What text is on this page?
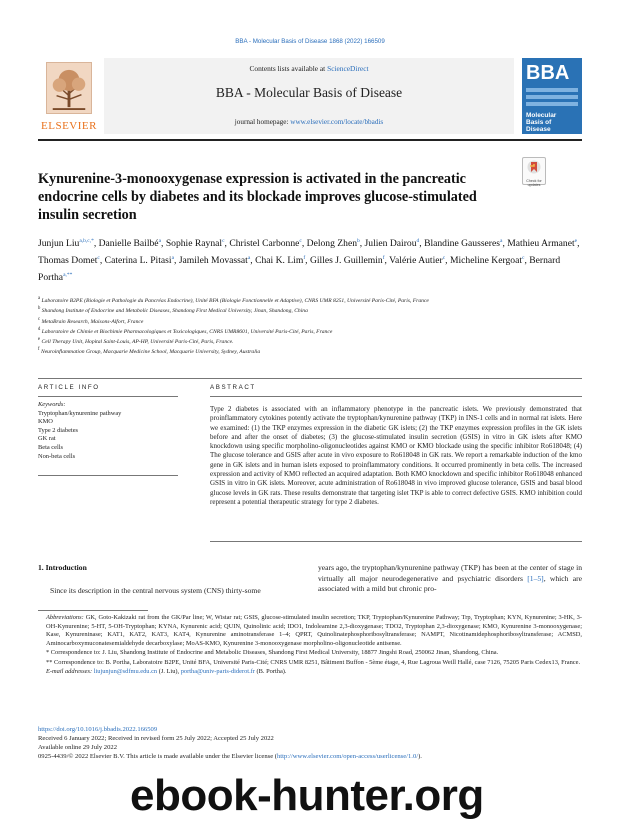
BBA - Molecular Basis of Disease 1868 (2022) 166509
ELSEVIER
Contents lists available at ScienceDirect
BBA - Molecular Basis of Disease
journal homepage: www.elsevier.com/locate/bbadis
BBA
Molecular
Basis of
Disease
Kynurenine-3-monooxygenase expression is activated in the pancreatic endocrine cells by diabetes and its blockade improves glucose-stimulated insulin secretion
Check for
updates
Junjun Liu$^{a,b,c,*}$, Danielle Bailbé$^a$, Sophie Raynal$^c$, Christel Carbonne$^c$, Delong Zhen$^b$, Julien Dairou$^d$, Blandine Gausseres$^a$, Mathieu Armanet$^e$, Thomas Domet$^c$, Caterina L. Pitasi$^a$, Jamileh Movassat$^a$, Chai K. Lim$^f$, Gilles J. Guillemin$^f$, Valérie Autier$^c$, Micheline Kergoat$^c$, Bernard Portha$^{a,**}$
$^a$ Laboratoire B2PE (Biologie et Pathologie du Pancréas Endocrine), Unité BFA (Biologie Fonctionnelle et Adaptive), CNRS UMR 8251, Université Paris-Cité, Paris, France
$^b$ Shandong Institute of Endocrine and Metabolic Diseases, Shandong First Medical University, Jinan, Shandong, China
$^c$ MetaBrain Research, Maisons-Alfort, France
$^d$ Laboratoire de Chimie et Biochimie Pharmacologiques et Toxicologiques, CNRS UMR8601, Université Paris-Cité, Paris, France
$^e$ Cell Therapy Unit, Hopital Saint-Louis, AP-HP, Université Paris-Cité, Paris, France.
$^f$ Neuroinflammation Group, Macquarie Medicine School, Macquarie University, Sydney, Australia
ARTICLE INFO	ABSTRACT
Keywords:
Tryptophan/kynurenine pathway
KMO
Type 2 diabetes
GK rat
Beta cells
Non-beta cells

Type 2 diabetes is associated with an inflammatory phenotype in the pancreatic islets. We previously demonstrated that proinflammatory cytokines potently activate the tryptophan/kynurenine pathway (TKP) in INS-1 cells and in normal rat islets. Here we examined: (1) the TKP enzymes expression in the diabetic GK islets; (2) the TKP enzymes expression profiles in the GK islets before and after the onset of diabetes; (3) the glucose-stimulated insulin secretion (GSIS) in vitro in GK islets after KMO knockdown using specific morpholino-oligonucleotides against KMO or KMO blockade using the specific inhibitor Ro618048; (4) The glucose tolerance and GSIS after acute in vivo exposure to Ro618048 in GK rats. We report a remarkable induction of the kmo gene in GK islets and in human islets exposed to proinflammatory conditions. It occurred prominently in beta cells. The increased expression and activity of KMO reflected an acquired adaptation. Both KMO knockdown and specific inhibitor Ro618048 enhanced GSIS in vitro in GK islets. Moreover, acute administration of Ro618048 in vivo improved glucose tolerance, GSIS and basal blood glucose levels in GK rats. These results demonstrate that targeting islet TKP is able to correct defective GSIS. KMO inhibition could represent a potential therapeutic strategy for type 2 diabetes.

1. Introduction

Since its description in the central nervous system (CNS) thirty-some

years ago, the tryptophan/kynurenine pathway (TKP) has been at the center of stage in virtually all major neurodegenerative and psychiatric disorders [1–5], which are associated with a mild but chronic pro-

Abbreviations: GK, Goto-Kakizaki rat from the GK/Par line; W, Wistar rat; GSIS, glucose-stimulated insulin secretion; TKP, Tryptophan/Kynurenine Pathway; Trp, Tryptophan; KYN, Kynurenine; 3-HK, 3-OH-Kynurenine; 5-HT, 5-OH-Tryptophan; KYNA, Kynurenic acid; QUIN, Quinolinic acid; IDO1, Indoleamine 2,3-dioxygenase; TDO2, Tryptophan 2,3-dioxygenase; KMO, Kynurenine 3-monooxygenase; Kase, Kynureninase; KAT1, KAT2, KAT3, KAT4, Kynurenine aminotransferase 1–4; QPRT, Quinolinatephosphoribosyltransferase; NAMPT, Nicotinamidephosphoribosyltransferase; ACMSD, Aminocarboxymuconatesemialdehyde decarboxylase; MoAS-KMO, Kynurenine 3-monooxygenase morpholino-oligonucleotide antisense.

* Correspondence to: J. Liu, Shandong Institute of Endocrine and Metabolic Diseases, Shandong First Medical University, 18877 Jingshi Road, 250062 Jinan, Shandong, China.

** Correspondence to: B. Portha, Laboratoire B2PE, Unité BFA, Université Paris-Cité; CNRS UMR 8251, Bâtiment Buffon - 5ème étage, 4, Rue Lagroua Weill Hallé, case 7126, 75205 Paris Cedex13, France.

E-mail addresses: liujunjun@sdfmu.edu.cn (J. Liu), portha@univ-paris-diderot.fr (B. Portha).

https://doi.org/10.1016/j.bbadis.2022.166509
Received 6 January 2022; Received in revised form 25 July 2022; Accepted 25 July 2022
Available online 29 July 2022
0925-4439/© 2022 Elsevier B.V. This article is made available under the Elsevier license (http://www.elsevier.com/open-access/userlicense/1.0/).
ebook-hunter.org
